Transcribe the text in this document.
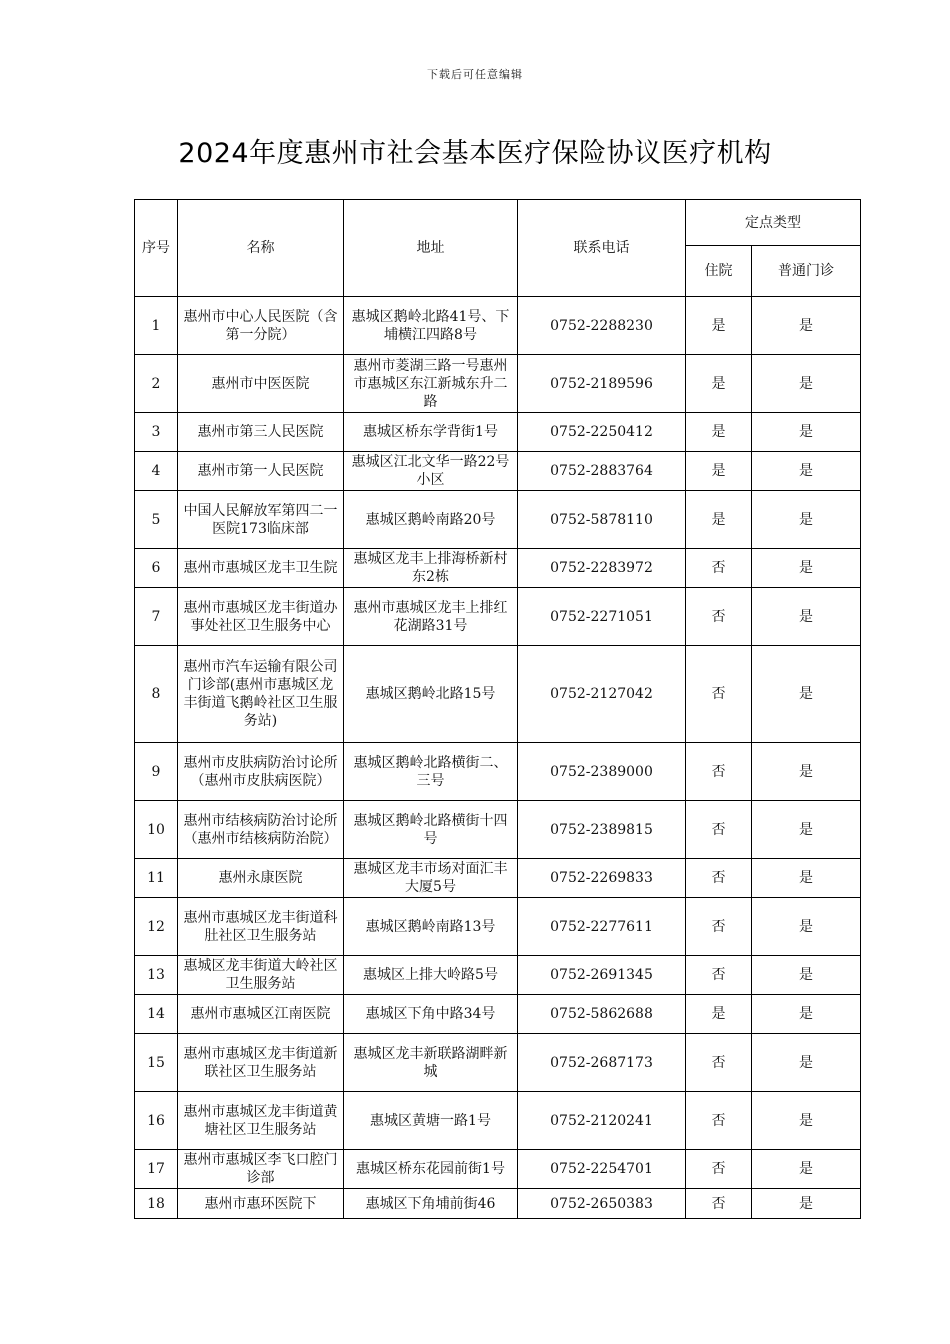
下载后可任意编辑
2024年度惠州市社会基本医疗保险协议医疗机构
序号	名称	地址	联系电话	定点类型	
				住院	普通门诊
1	惠州市中心人民医院（含第一分院）	惠城区鹅岭北路41号、下埔横江四路8号	0752-2288230	是	是
2	惠州市中医医院	惠州市菱湖三路一号惠州市惠城区东江新城东升二路	0752-2189596	是	是
3	惠州市第三人民医院	惠城区桥东学背街1号	0752-2250412	是	是
4	惠州市第一人民医院	惠城区江北文华一路22号小区	0752-2883764	是	是
5	中国人民解放军第四二一医院173临床部	惠城区鹅岭南路20号	0752-5878110	是	是
6	惠州市惠城区龙丰卫生院	惠城区龙丰上排海桥新村东2栋	0752-2283972	否	是
7	惠州市惠城区龙丰街道办事处社区卫生服务中心	惠州市惠城区龙丰上排红花湖路31号	0752-2271051	否	是
8	惠州市汽车运输有限公司门诊部(惠州市惠城区龙丰街道飞鹅岭社区卫生服务站)	惠城区鹅岭北路15号	0752-2127042	否	是
9	惠州市皮肤病防治讨论所（惠州市皮肤病医院）	惠城区鹅岭北路横街二、三号	0752-2389000	否	是
10	惠州市结核病防治讨论所（惠州市结核病防治院）	惠城区鹅岭北路横街十四号	0752-2389815	否	是
11	惠州永康医院	惠城区龙丰市场对面汇丰大厦5号	0752-2269833	否	是
12	惠州市惠城区龙丰街道科肚社区卫生服务站	惠城区鹅岭南路13号	0752-2277611	否	是
13	惠城区龙丰街道大岭社区卫生服务站	惠城区上排大岭路5号	0752-2691345	否	是
14	惠州市惠城区江南医院	惠城区下角中路34号	0752-5862688	是	是
15	惠州市惠城区龙丰街道新联社区卫生服务站	惠城区龙丰新联路湖畔新城	0752-2687173	否	是
16	惠州市惠城区龙丰街道黄塘社区卫生服务站	惠城区黄塘一路1号	0752-2120241	否	是
17	惠州市惠城区李飞口腔门诊部	惠城区桥东花园前街1号	0752-2254701	否	是
18	惠州市惠环医院下	惠城区下角埔前街46	0752-2650383	否	是
